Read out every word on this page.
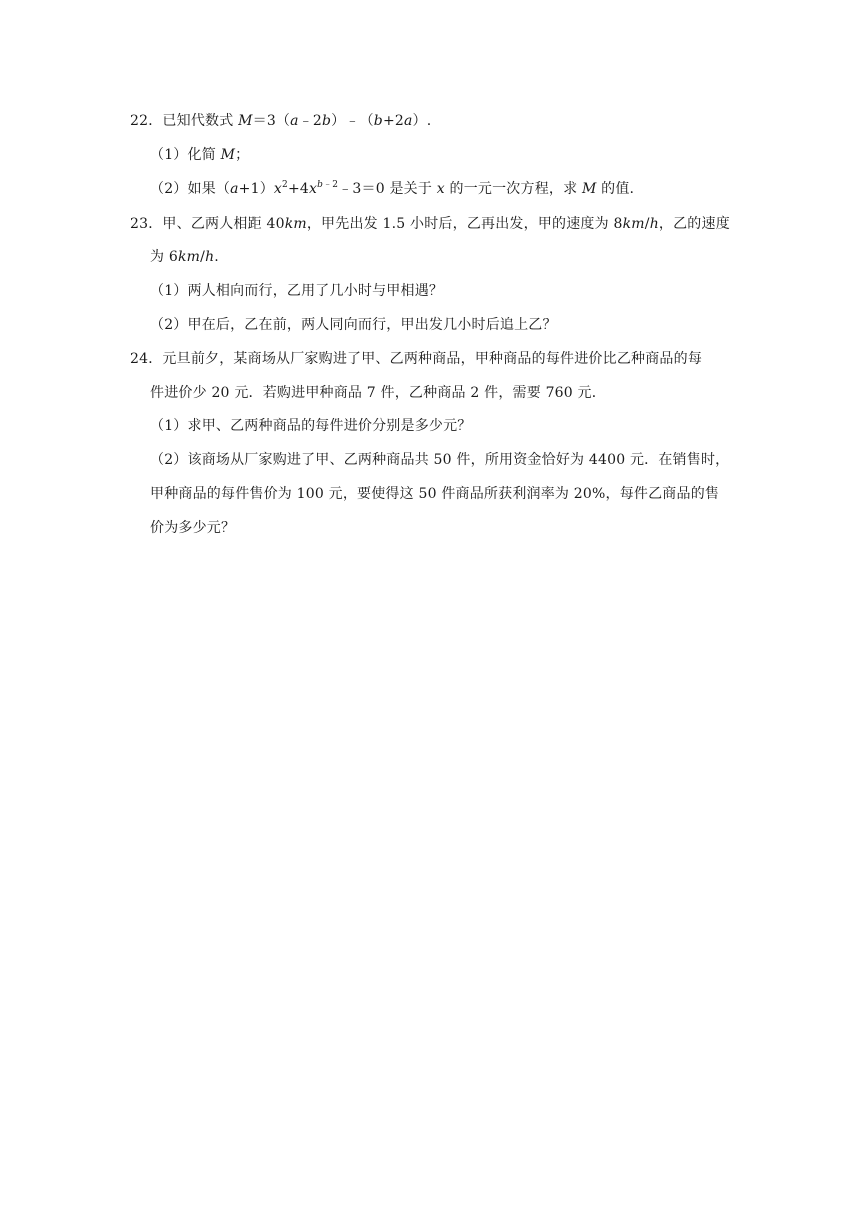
22．已知代数式 M＝3（a﹣2b）﹣（b+2a）.
（1）化简 M；
（2）如果$(a+1)x^2+4x^{b﹣2}﹣3=0$ 是关于 x 的一元一次方程，求 M 的值.
23．甲、乙两人相距 40km，甲先出发 1.5 小时后，乙再出发，甲的速度为 8km/h，乙的速度
为 6km/h.
（1）两人相向而行，乙用了几小时与甲相遇？
（2）甲在后，乙在前，两人同向而行，甲出发几小时后追上乙？
24．元旦前夕，某商场从厂家购进了甲、乙两种商品，甲种商品的每件进价比乙种商品的每
件进价少 20 元．若购进甲种商品 7 件，乙种商品 2 件，需要 760 元．
（1）求甲、乙两种商品的每件进价分别是多少元？
（2）该商场从厂家购进了甲、乙两种商品共 50 件，所用资金恰好为 4400 元．在销售时，
甲种商品的每件售价为 100 元，要使得这 50 件商品所获利润率为 20%，每件乙商品的售
价为多少元？
